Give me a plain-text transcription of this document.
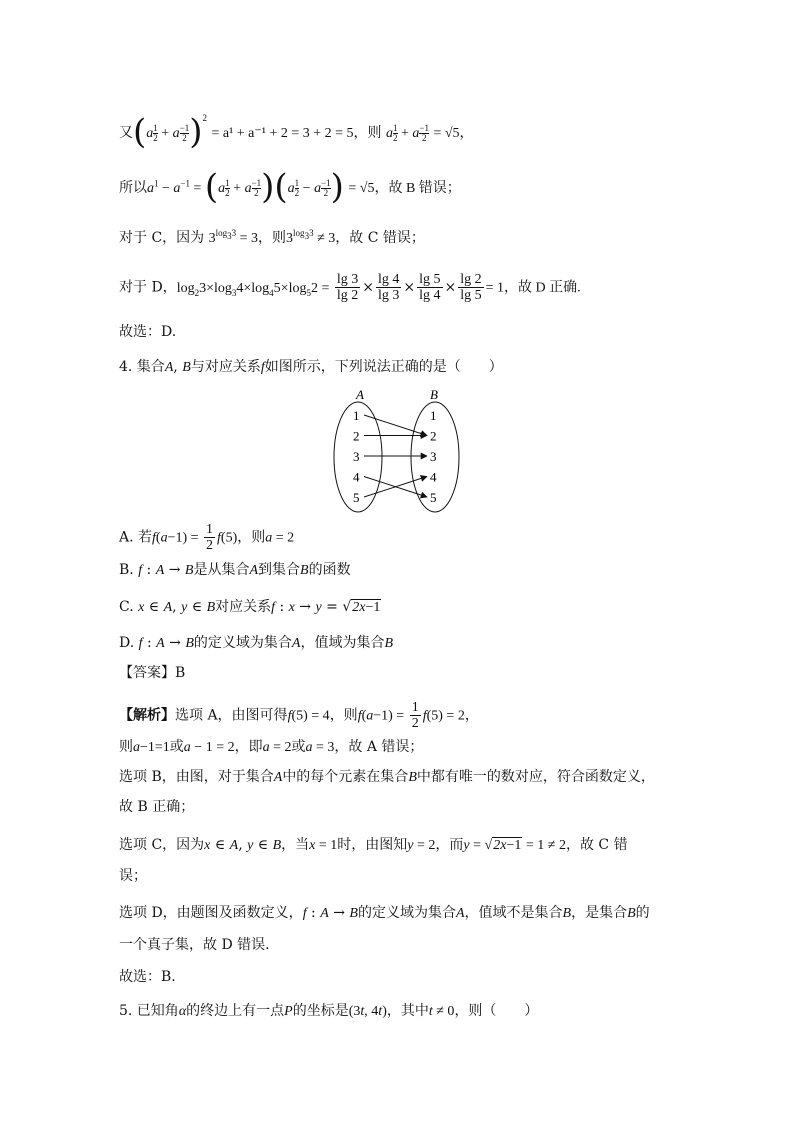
又$(a \frac{1}{2} + a \frac{-1}{2} )^2 = a^1 + a^{-1} + 2 = 3 + 2 = 5$，则 a $\frac{1}{2} + a \frac{-1}{2} = √5$，
所以$a^1 - a^{-1} = (a \frac{1}{2} + a \frac{-1}{2} )(a \frac{1}{2} - a \frac{-1}{2}$ ) = √5，故 B 错误；
对于 C，因为 $3^{log_33} = 3$，则$3^{log_33} \ne 3$，故 C 错误；
对于 D，$\log_23\times\log_34\times\log_45\times\log_52 = \frac{\lg 3}{\lg 2} \times \frac{\lg 4}{\lg 3} \times \frac{\lg 5}{\lg 4} \times \frac{\lg 2}{\lg 5} = 1$，故 D 正确.
故选：D.
4. 集合A, B与对应关系f如图所示，下列说法正确的是（　　）
A	B
1
2
3
4
5
1
2
3
4
5
A. 若$f(a-1) = \frac{1}{2} f(5)$，则a = 2
B. f : A → B是从集合A到集合B的函数
C. x ∈ A, y ∈ B对应关系f : x → y = √2x−1
D. f : A → B的定义域为集合A，值域为集合B
【答案】B
【解析】选项 A，由图可得f(5) = 4，则$f(a-1) = \frac{1}{2} f(5) = 2$，
则a−1=1或a − 1 = 2，即a = 2或a = 3，故 A 错误；
选项 B，由图，对于集合A中的每个元素在集合B中都有唯一的数对应，符合函数定义，
故 B 正确；
选项 C，因为x ∈ A, y ∈ B，当x = 1时，由图知y = 2，而y = √2x−1 = 1 ≠ 2，故 C 错
误；
选项 D，由题图及函数定义，f : A → B的定义域为集合A，值域不是集合B，是集合B的
一个真子集，故 D 错误.
故选：B.
5. 已知角α的终边上有一点P的坐标是(3t, 4t)，其中t ≠ 0，则（　　）
